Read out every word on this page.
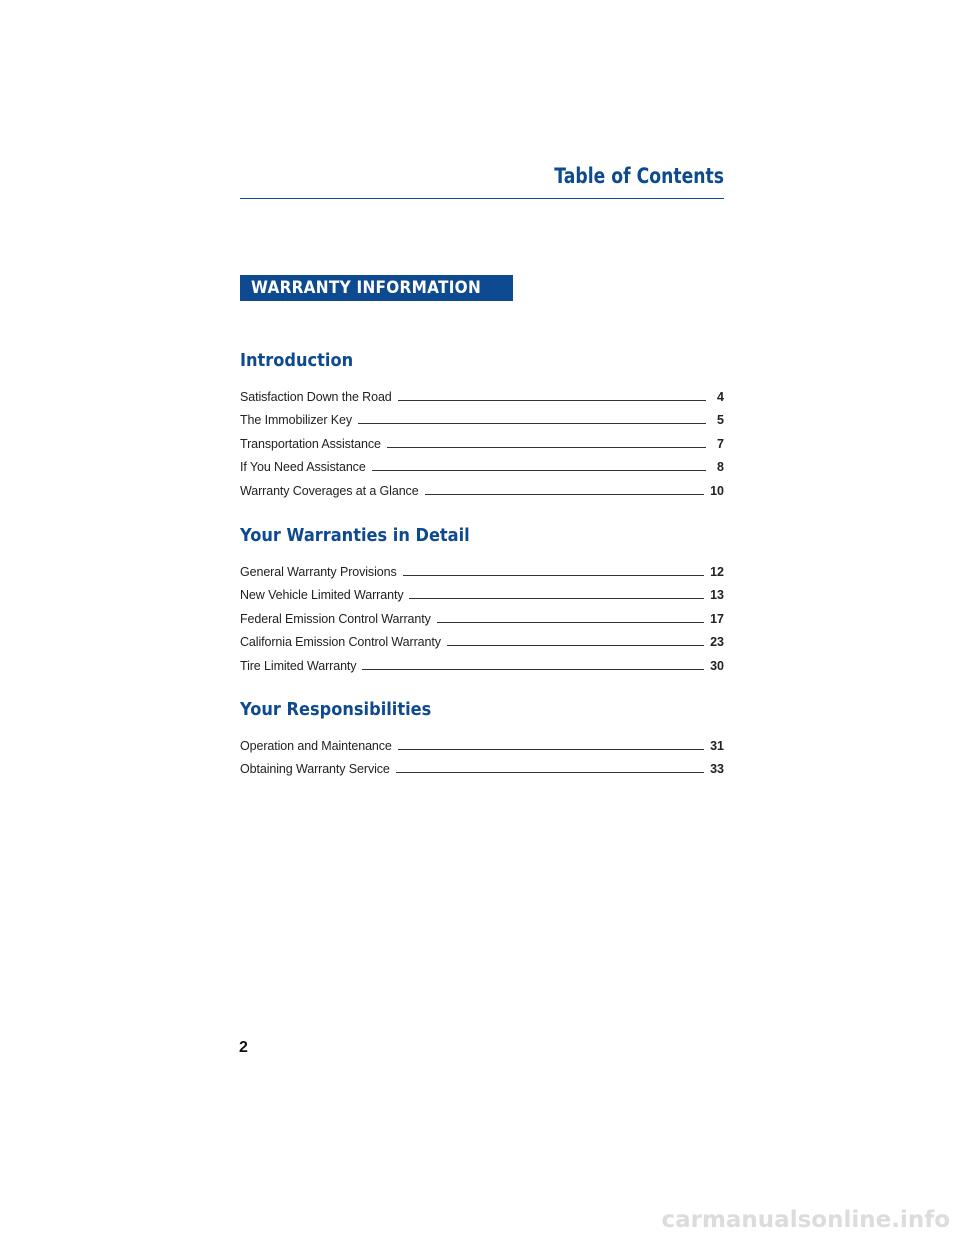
Table of Contents
WARRANTY INFORMATION
Introduction
Satisfaction Down the Road	4
The Immobilizer Key	5
Transportation Assistance	7
If You Need Assistance	8
Warranty Coverages at a Glance	10
Your Warranties in Detail
General Warranty Provisions	12
New Vehicle Limited Warranty	13
Federal Emission Control Warranty	17
California Emission Control Warranty	23
Tire Limited Warranty	30
Your Responsibilities
Operation and Maintenance	31
Obtaining Warranty Service	33
2
carmanualsonline.info
